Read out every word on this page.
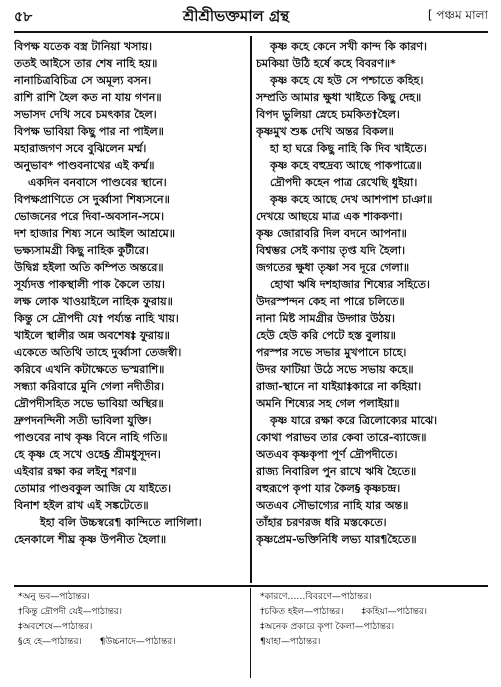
৫৮	শ্রীশ্রীভক্তমাল গ্রন্থ	[ পঞ্চম মালা
বিপক্ষ যতেক বস্ত্র টানিয়া খসায়।
ততই আইসে তার শেষ নাহি হয়॥
নানাচিত্রবিচিত্র সে অমূল্য বসন।
রাশি রাশি হৈল কত না যায় গণন॥
সভাসদ দেখি সবে চমৎকার হৈল।
বিপক্ষ ভাবিয়া কিছু পার না পাইল॥
মহারাজগণ সবে বুঝিলেন মর্ম্ম।
অনুভাব* পাণ্ডবনাথের এই কর্ম্ম॥
একদিন বনবাসে পাণ্ডবের স্থানে।
বিপক্ষপ্রাণিতে সে দুর্ব্বাসা শিষ্যসনে॥
ভোজনের পরে দিবা-অবসান-সমে।
দশ হাজার শিষ্য সনে আইল আশ্রমে॥
ভক্ষ্যসামগ্রী কিছু নাহিক কুটীরে।
উদ্বিগ্ন হইলা অতি কম্পিত অন্তরে॥
সূর্য্যদত্ত পাকস্থালী পাক কৈলে তায়।
লক্ষ লোক খাওয়াইলে নাহিক ফুরায়॥
কিন্তু সে দ্রৌপদী যে† পর্য্যন্ত নাহি খায়।
খাইলে স্থালীর অন্ন অবশেষ‡ ফুরায়॥
একেতে অতিথি তাহে দুর্ব্বাসা তেজস্বী।
করিবে এখনি কটাক্ষেতে ভস্মরাশি॥
সন্ধ্যা করিবারে মুনি গেলা নদীতীর।
দ্রৌপদীসহিত সভে ভাবিয়া অস্থির॥
দ্রুপদনন্দিনী সতী ভাবিলা যুক্তি।
পাণ্ডবের নাথ কৃষ্ণ বিনে নাহি গতি॥
হে কৃষ্ণ হে সখে ওহে§ শ্রীমধুসূদন।
এইবার রক্ষা কর লইনু শরণ॥
তোমার পাণ্ডবকুল আজি যে যাইতে।
বিনাশ হইল রাখ এই সঙ্কটেতে॥
ইহা বলি উচ্চস্বরে¶ কান্দিতে লাগিলা।
হেনকালে শীঘ্র কৃষ্ণ উপনীত হৈলা॥
কৃষ্ণ কহে কেনে সখী কান্দ কি কারণ।
চমকিয়া উঠি হর্ষে কহে বিবরণ॥*
কৃষ্ণ কহে যে হউ সে পশ্চাতে কহিহ।
সম্প্রতি আমার ক্ষুধা খাইতে কিছু দেহ॥
বিপদ ভুলিয়া স্নেহে চমকিত†হৈল।
কৃষ্ণমুখ শুষ্ক দেখি অন্তর বিকল॥
হা হা ঘরে কিছু নাহি কি দিব খাইতে।
কৃষ্ণ কহে বহুদ্রব্য আছে পাকপাত্রে॥
দ্রৌপদী কহেন পাত্র রেখেছি ধুইয়া।
কৃষ্ণ কহে আছে দেখ আশপাশ চাঞা॥
দেখয়ে আছয়ে মাত্র এক শাককণা।
কৃষ্ণ জোরাবরি দিল বদনে আপনা॥
বিশ্বম্ভর সেই কণায় তৃপ্ত যদি হৈলা।
জগতের ক্ষুধা তৃষ্ণা সব দূরে গেলা॥
হোথা ঋষি দশহাজার শিষ্যের সহিতে।
উদরস্পন্দন কেহ না পারে চলিতে॥
নানা মিষ্ট সামগ্রীর উদ্গার উঠয়।
হেউ হেউ করি পেটে হস্ত বুলায়॥
পরস্পর সভে সভার মুখপানে চাহে।
উদর ফাটিয়া উঠে সভে সভায় কহে॥
রাজা-স্থানে না যাইয়া‡কারে না কহিয়া।
অমনি শিষ্যের সহ গেল পলাইয়া॥
কৃষ্ণ যারে রক্ষা করে ত্রিলোক্যের মাঝে।
কোথা পরাভব তার কেবা তারে-ব্যাজে॥
অতএব কৃষ্ণকৃপা পূর্ণ দ্রৌপদীতে।
রাজ্য নিবারিল পুন রাখে ঋষি হৈতে॥
বহুরূপে কৃপা যার কৈল§ কৃষ্ণচন্দ্র।
অতএব সৌভাগ্যের নাহি যার অন্ত॥
তাঁহার চরণরজ ধরি মস্তকেতে।
কৃষ্ণপ্রেম-ভক্তিনিধি লভ্য যার¶হৈতে॥
*অনু ভব—পাঠান্তর।
†কিন্তু দ্রৌপদী যেই—পাঠান্তর।
‡অবশেষে—পাঠান্তর।
§হে হে—পাঠান্তর। ¶উচ্চনাদে—পাঠান্তর।
*কারণে……বিবরণে—পাঠান্তর।
†চকিত হইল—পাঠান্তর। ‡কহিয়া—পাঠান্তর।
‡অনেক প্রকারে কৃপা কৈলা—পাঠান্তর।
¶যাহা—পাঠান্তর।
